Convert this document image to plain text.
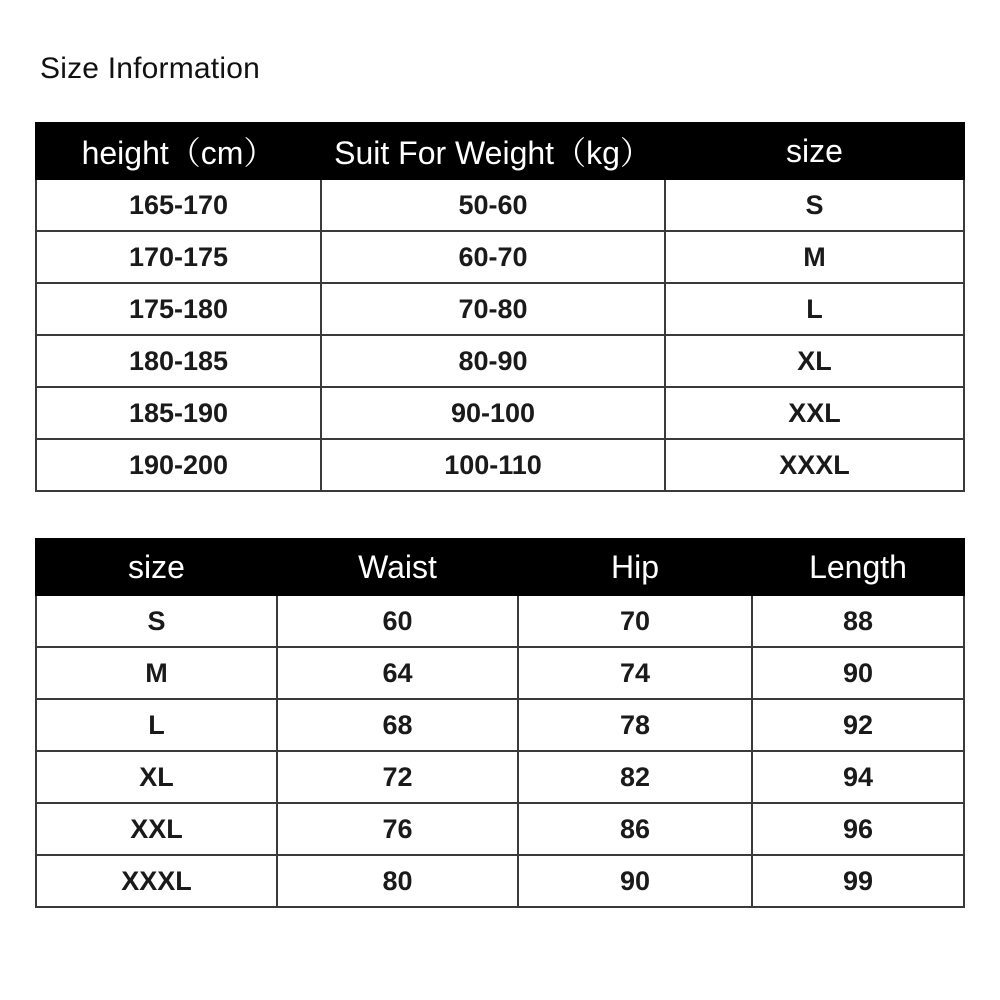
Size Information
height（cm）	Suit For Weight（kg）	size
165-170	50-60	S
170-175	60-70	M
175-180	70-80	L
180-185	80-90	XL
185-190	90-100	XXL
190-200	100-110	XXXL
size	Waist	Hip	Length
S	60	70	88
M	64	74	90
L	68	78	92
XL	72	82	94
XXL	76	86	96
XXXL	80	90	99
